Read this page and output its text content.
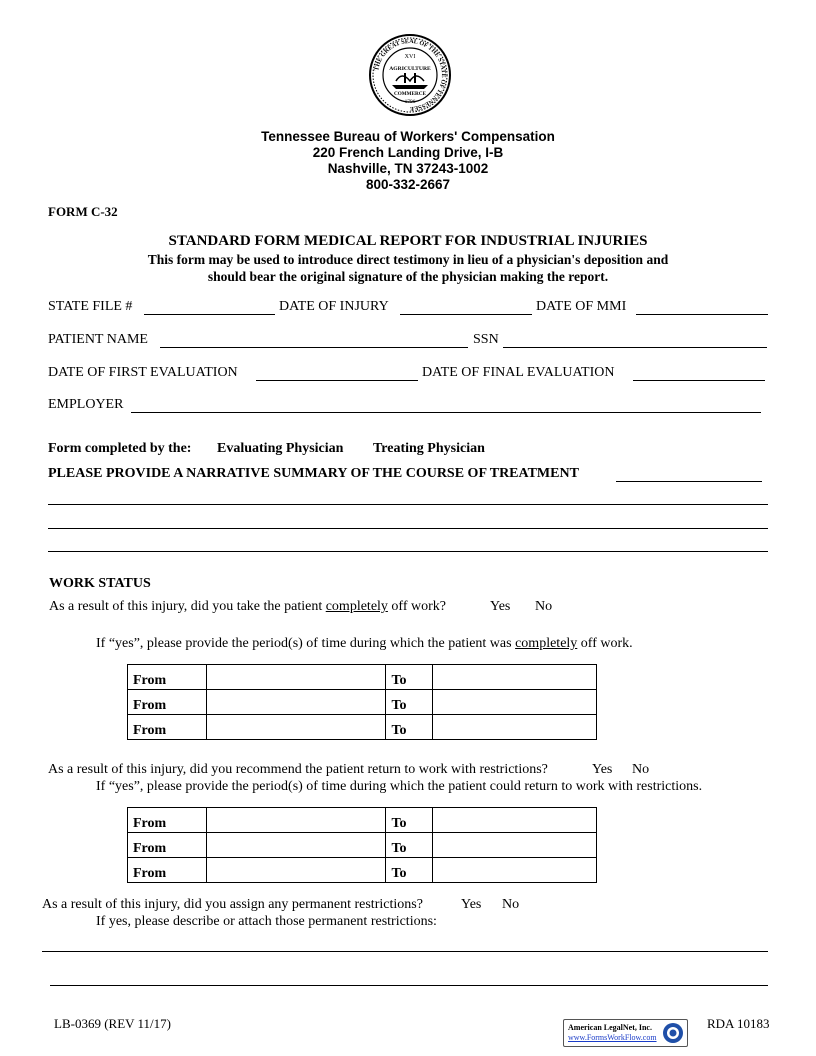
THE GREAT SEAL OF THE STATE OF TENNESSEE
XVI
AGRICULTURE
COMMERCE
1796
Tennessee Bureau of Workers' Compensation
220 French Landing Drive, I-B
Nashville, TN 37243-1002
800-332-2667
FORM C-32
STANDARD FORM MEDICAL REPORT FOR INDUSTRIAL INJURIES
This form may be used to introduce direct testimony in lieu of a physician's deposition and
should bear the original signature of the physician making the report.
STATE FILE #	DATE OF INJURY	DATE OF MMI
PATIENT NAME	SSN
DATE OF FIRST EVALUATION	DATE OF FINAL EVALUATION
EMPLOYER
Form completed by the: Evaluating Physician Treating Physician
PLEASE PROVIDE A NARRATIVE SUMMARY OF THE COURSE OF TREATMENT
WORK STATUS
As a result of this injury, did you take the patient completely off work?	Yes No
If “yes”, please provide the period(s) of time during which the patient was completely off work.
From		To	
From		To	
From		To	
As a result of this injury, did you recommend the patient return to work with restrictions?	Yes No
If “yes”, please provide the period(s) of time during which the patient could return to work with restrictions.
From		To	
From		To	
From		To	
As a result of this injury, did you assign any permanent restrictions?	Yes No
If yes, please describe or attach those permanent restrictions:
LB-0369 (REV 11/17)	American LegalNet, Inc.
www.FormsWorkFlow.com
RDA 10183
